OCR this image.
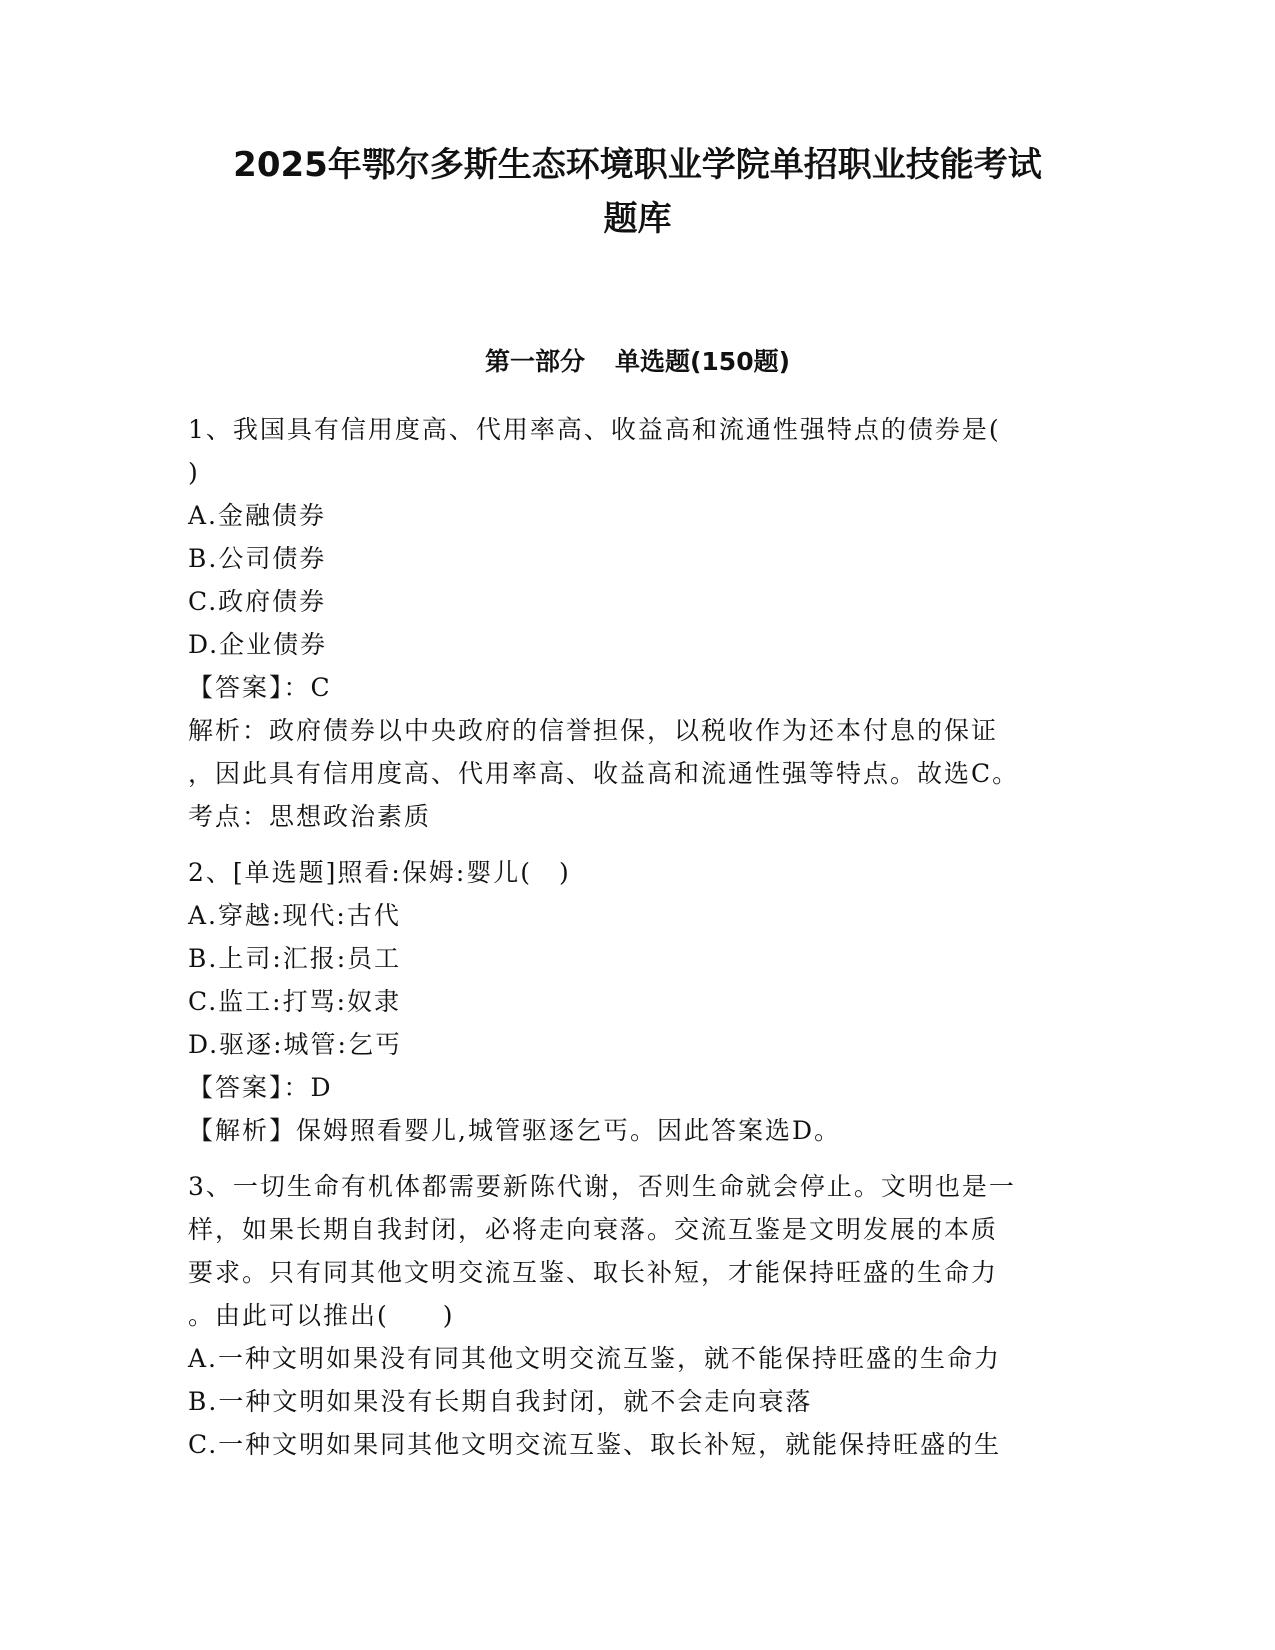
2025年鄂尔多斯生态环境职业学院单招职业技能考试
题库
第一部分 单选题(150题)
1、我国具有信用度高、代用率高、收益高和流通性强特点的债券是(
)
A.金融债券
B.公司债券
C.政府债券
D.企业债券
【答案】：C
解析：政府债券以中央政府的信誉担保，以税收作为还本付息的保证
，因此具有信用度高、代用率高、收益高和流通性强等特点。故选C。
考点：思想政治素质
2、[单选题]照看:保姆:婴儿(　)
A.穿越:现代:古代
B.上司:汇报:员工
C.监工:打骂:奴隶
D.驱逐:城管:乞丐
【答案】：D
【解析】保姆照看婴儿,城管驱逐乞丐。因此答案选D。
3、一切生命有机体都需要新陈代谢，否则生命就会停止。文明也是一
样，如果长期自我封闭，必将走向衰落。交流互鉴是文明发展的本质
要求。只有同其他文明交流互鉴、取长补短，才能保持旺盛的生命力
。由此可以推出(　　)
A.一种文明如果没有同其他文明交流互鉴，就不能保持旺盛的生命力
B.一种文明如果没有长期自我封闭，就不会走向衰落
C.一种文明如果同其他文明交流互鉴、取长补短，就能保持旺盛的生
